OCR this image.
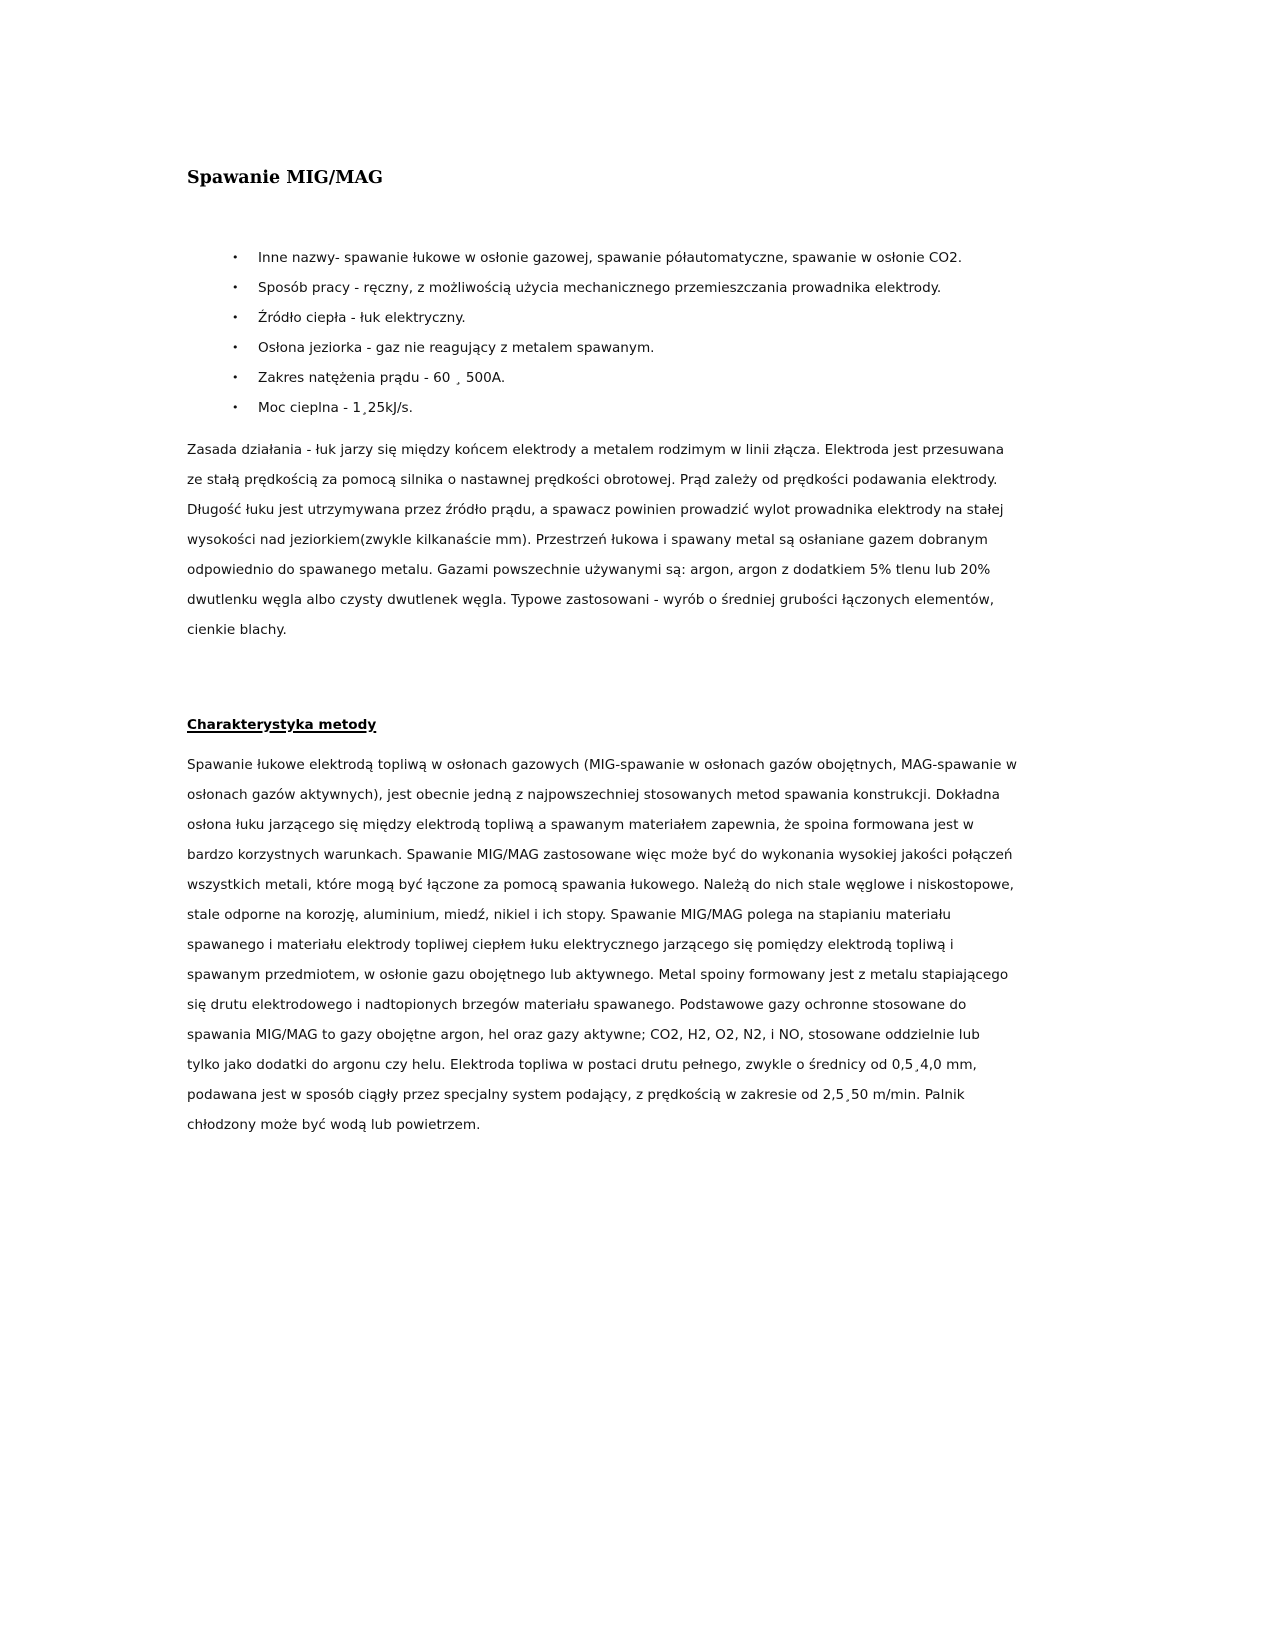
Spawanie MIG/MAG
• Inne nazwy- spawanie łukowe w osłonie gazowej, spawanie półautomatyczne, spawanie w osłonie CO2.
• Sposób pracy - ręczny, z możliwością użycia mechanicznego przemieszczania prowadnika elektrody.
• Źródło ciepła - łuk elektryczny.
• Osłona jeziorka - gaz nie reagujący z metalem spawanym.
• Zakres natężenia prądu - 60 ¸ 500A.
• Moc cieplna - 1¸25kJ/s.

Zasada działania - łuk jarzy się między końcem elektrody a metalem rodzimym w linii złącza. Elektroda jest przesuwana
ze stałą prędkością za pomocą silnika o nastawnej prędkości obrotowej. Prąd zależy od prędkości podawania elektrody.
Długość łuku jest utrzymywana przez źródło prądu, a spawacz powinien prowadzić wylot prowadnika elektrody na stałej
wysokości nad jeziorkiem(zwykle kilkanaście mm). Przestrzeń łukowa i spawany metal są osłaniane gazem dobranym
odpowiednio do spawanego metalu. Gazami powszechnie używanymi są: argon, argon z dodatkiem 5% tlenu lub 20%
dwutlenku węgla albo czysty dwutlenek węgla. Typowe zastosowani - wyrób o średniej grubości łączonych elementów,
cienkie blachy.

Charakterystyka metody

Spawanie łukowe elektrodą topliwą w osłonach gazowych (MIG-spawanie w osłonach gazów obojętnych, MAG-spawanie w
osłonach gazów aktywnych), jest obecnie jedną z najpowszechniej stosowanych metod spawania konstrukcji. Dokładna
osłona łuku jarzącego się między elektrodą topliwą a spawanym materiałem zapewnia, że spoina formowana jest w
bardzo korzystnych warunkach. Spawanie MIG/MAG zastosowane więc może być do wykonania wysokiej jakości połączeń
wszystkich metali, które mogą być łączone za pomocą spawania łukowego. Należą do nich stale węglowe i niskostopowe,
stale odporne na korozję, aluminium, miedź, nikiel i ich stopy. Spawanie MIG/MAG polega na stapianiu materiału
spawanego i materiału elektrody topliwej ciepłem łuku elektrycznego jarzącego się pomiędzy elektrodą topliwą i
spawanym przedmiotem, w osłonie gazu obojętnego lub aktywnego. Metal spoiny formowany jest z metalu stapiającego
się drutu elektrodowego i nadtopionych brzegów materiału spawanego. Podstawowe gazy ochronne stosowane do
spawania MIG/MAG to gazy obojętne argon, hel oraz gazy aktywne; CO2, H2, O2, N2, i NO, stosowane oddzielnie lub
tylko jako dodatki do argonu czy helu. Elektroda topliwa w postaci drutu pełnego, zwykle o średnicy od 0,5¸4,0 mm,
podawana jest w sposób ciągły przez specjalny system podający, z prędkością w zakresie od 2,5¸50 m/min. Palnik
chłodzony może być wodą lub powietrzem.
